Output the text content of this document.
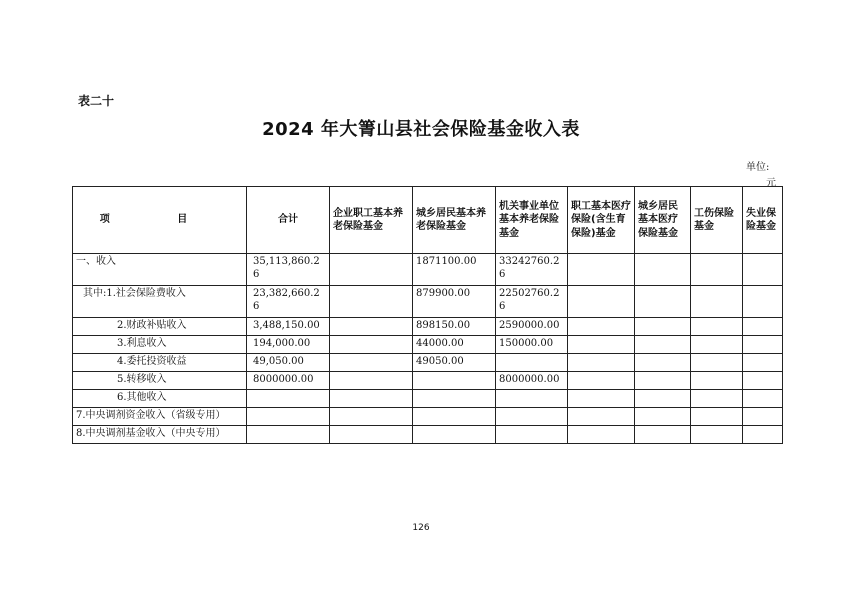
表二十
2024 年大箐山县社会保险基金收入表
单位:
元
项 目	合计	企业职工基本养老保险基金	城乡居民基本养老保险基金	机关事业单位基本养老保险基金	职工基本医疗保险(含生育保险)基金	城乡居民基本医疗保险基金	工伤保险基金	失业保险基金
一、收入	35,113,860.26		1871100.00	33242760.26				
其中:1.社会保险费收入	23,382,660.26		879900.00	22502760.26				
2.财政补贴收入	3,488,150.00		898150.00	2590000.00				
3.利息收入	194,000.00		44000.00	150000.00				
4.委托投资收益	49,050.00		49050.00					
5.转移收入	8000000.00			8000000.00				
6.其他收入								
7.中央调剂资金收入（省级专用）								
8.中央调剂基金收入（中央专用）								
126
